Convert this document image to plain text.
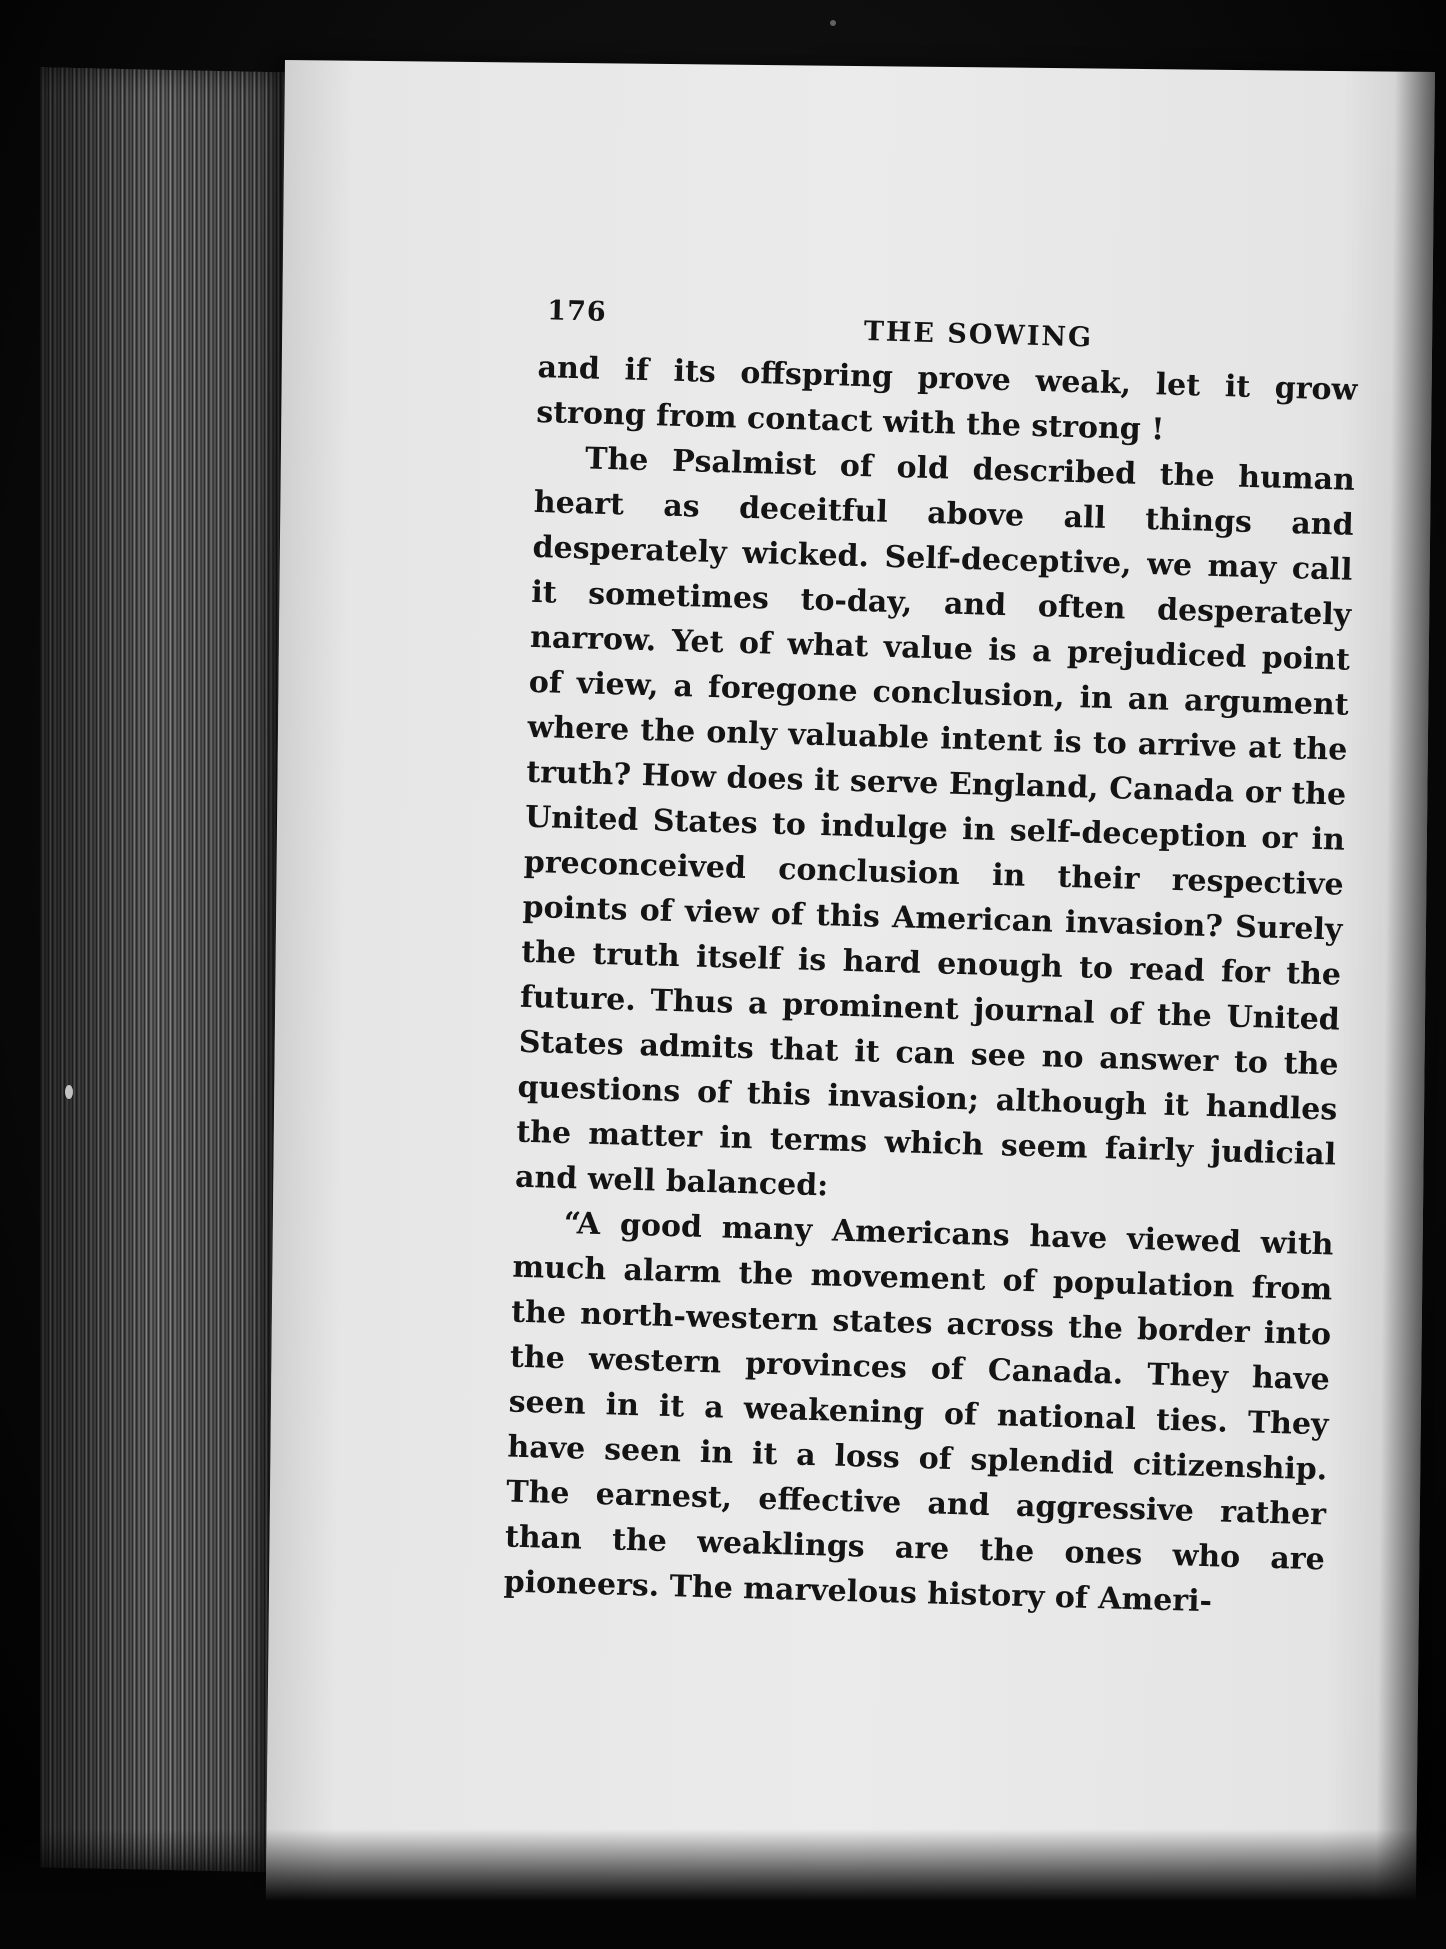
176
THE SOWING

and if its offspring prove weak, let it grow strong from contact with the strong !

The Psalmist of old described the human heart as deceitful above all things and desperately wicked. Self-deceptive, we may call it sometimes to-day, and often desperately narrow. Yet of what value is a prejudiced point of view, a foregone conclusion, in an argument where the only valuable intent is to arrive at the truth? How does it serve England, Canada or the United States to indulge in self-deception or in preconceived conclusion in their respective points of view of this American invasion? Surely the truth itself is hard enough to read for the future. Thus a prominent journal of the United States admits that it can see no answer to the questions of this invasion; although it handles the matter in terms which seem fairly judicial and well balanced:

“A good many Americans have viewed with much alarm the movement of population from the north-western states across the border into the western provinces of Canada. They have seen in it a weakening of national ties. They have seen in it a loss of splendid citizenship. The earnest, effective and aggressive rather than the weaklings are the ones who are pioneers. The marvelous history of Ameri-
